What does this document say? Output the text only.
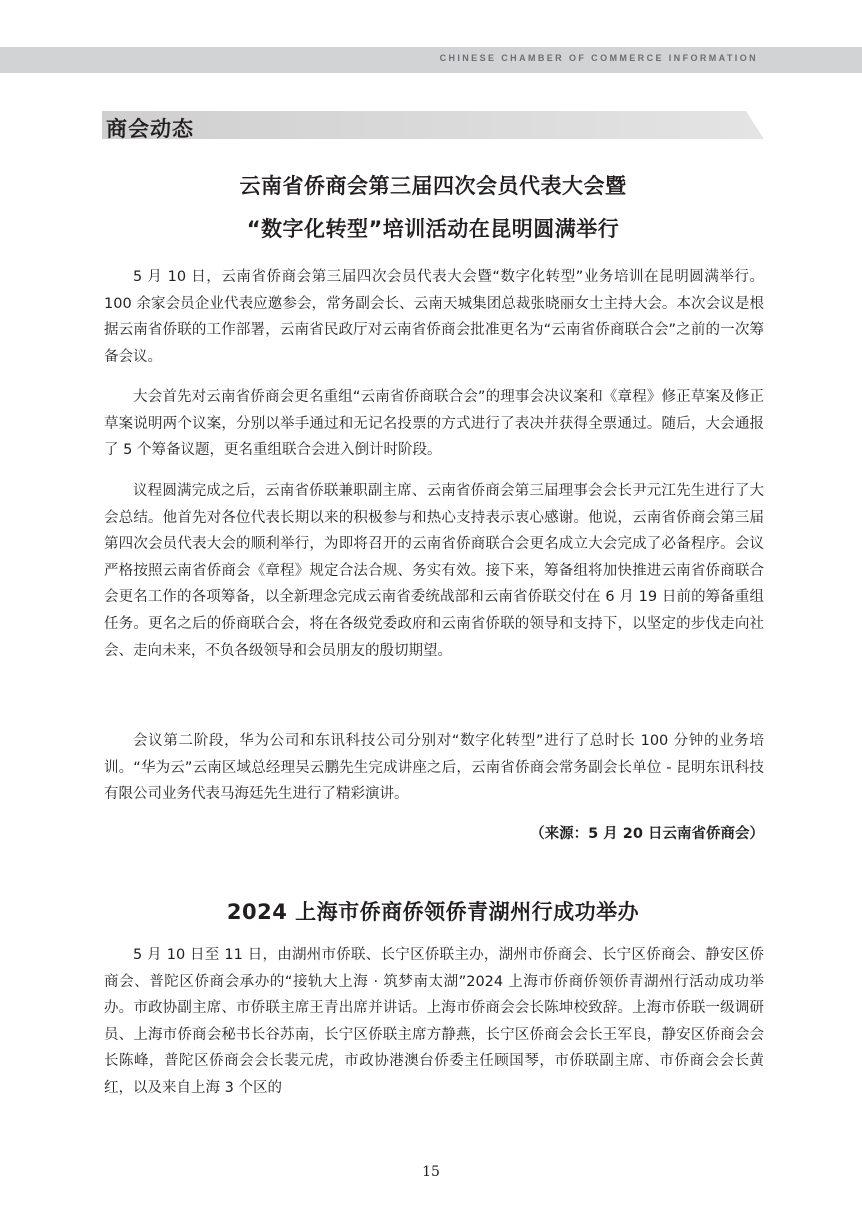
CHINESE CHAMBER OF COMMERCE INFORMATION
商会动态
云南省侨商会第三届四次会员代表大会暨
“数字化转型”培训活动在昆明圆满举行

5 月 10 日，云南省侨商会第三届四次会员代表大会暨“数字化转型”业务培训在昆明圆满举行。100 余家会员企业代表应邀参会，常务副会长、云南天城集团总裁张晓丽女士主持大会。本次会议是根据云南省侨联的工作部署，云南省民政厅对云南省侨商会批准更名为“云南省侨商联合会”之前的一次筹备会议。

大会首先对云南省侨商会更名重组“云南省侨商联合会”的理事会决议案和《章程》修正草案及修正草案说明两个议案，分别以举手通过和无记名投票的方式进行了表决并获得全票通过。随后，大会通报了 5 个筹备议题，更名重组联合会进入倒计时阶段。

议程圆满完成之后，云南省侨联兼职副主席、云南省侨商会第三届理事会会长尹元江先生进行了大会总结。他首先对各位代表长期以来的积极参与和热心支持表示衷心感谢。他说，云南省侨商会第三届第四次会员代表大会的顺利举行，为即将召开的云南省侨商联合会更名成立大会完成了必备程序。会议严格按照云南省侨商会《章程》规定合法合规、务实有效。接下来，筹备组将加快推进云南省侨商联合会更名工作的各项筹备，以全新理念完成云南省委统战部和云南省侨联交付在 6 月 19 日前的筹备重组任务。更名之后的侨商联合会，将在各级党委政府和云南省侨联的领导和支持下，以坚定的步伐走向社会、走向未来，不负各级领导和会员朋友的殷切期望。

会议第二阶段，华为公司和东讯科技公司分别对“数字化转型”进行了总时长 100 分钟的业务培训。“华为云”云南区域总经理吴云鹏先生完成讲座之后，云南省侨商会常务副会长单位 - 昆明东讯科技有限公司业务代表马海廷先生进行了精彩演讲。

（来源：5 月 20 日云南省侨商会）
2024 上海市侨商侨领侨青湖州行成功举办

5 月 10 日至 11 日，由湖州市侨联、长宁区侨联主办，湖州市侨商会、长宁区侨商会、静安区侨商会、普陀区侨商会承办的“接轨大上海 · 筑梦南太湖”2024 上海市侨商侨领侨青湖州行活动成功举办。市政协副主席、市侨联主席王青出席并讲话。上海市侨商会会长陈坤校致辞。上海市侨联一级调研员、上海市侨商会秘书长谷苏南，长宁区侨联主席方静燕，长宁区侨商会会长王军良，静安区侨商会会长陈峰，普陀区侨商会会长裴元虎，市政协港澳台侨委主任顾国琴，市侨联副主席、市侨商会会长黄红，以及来自上海 3 个区的

15
